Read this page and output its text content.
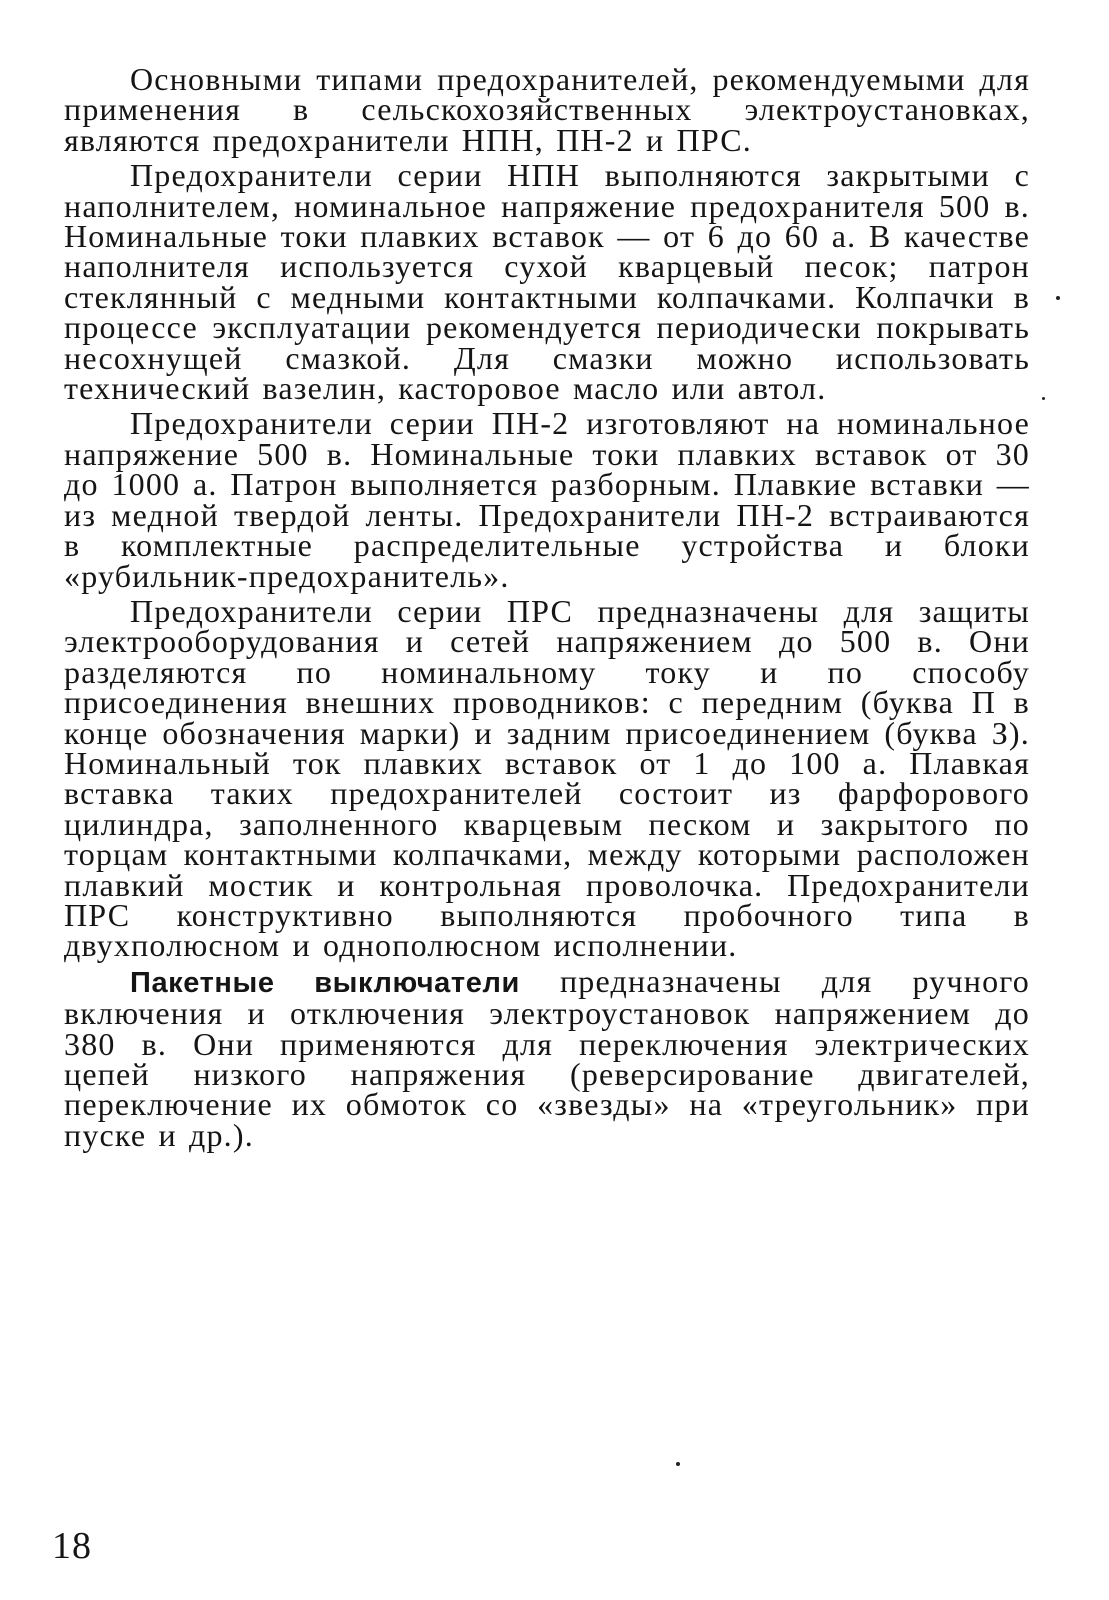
Основными типами предохранителей, рекомендуемыми для применения в сельскохозяйственных электроустановках, являются предохранители НПН, ПН-2 и ПРС.

Предохранители серии НПН выполняются закрытыми с наполнителем, номинальное напряжение предохранителя 500 в. Номинальные токи плавких вставок — от 6 до 60 а. В качестве наполнителя используется сухой кварцевый песок; патрон стеклянный с медными контактными колпачками. Колпачки в процессе эксплуатации рекомендуется периодически покрывать несохнущей смазкой. Для смазки можно использовать технический вазелин, касторовое масло или автол.

Предохранители серии ПН-2 изготовляют на номинальное напряжение 500 в. Номинальные токи плавких вставок от 30 до 1000 а. Патрон выполняется разборным. Плавкие вставки — из медной твердой ленты. Предохранители ПН-2 встраиваются в комплектные распределительные устройства и блоки «рубильник-предохранитель».

Предохранители серии ПРС предназначены для защиты электрооборудования и сетей напряжением до 500 в. Они разделяются по номинальному току и по способу присоединения внешних проводников: с передним (буква П в конце обозначения марки) и задним присоединением (буква З). Номинальный ток плавких вставок от 1 до 100 а. Плавкая вставка таких предохранителей состоит из фарфорового цилиндра, заполненного кварцевым песком и закрытого по торцам контактными колпачками, между которыми расположен плавкий мостик и контрольная проволочка. Предохранители ПРС конструктивно выполняются пробочного типа в двухполюсном и однополюсном исполнении.

Пакетные выключатели предназначены для ручного включения и отключения электроустановок напряжением до 380 в. Они применяются для переключения электрических цепей низкого напряжения (реверсирование двигателей, переключение их обмоток со «звезды» на «треугольник» при пуске и др.).

18
